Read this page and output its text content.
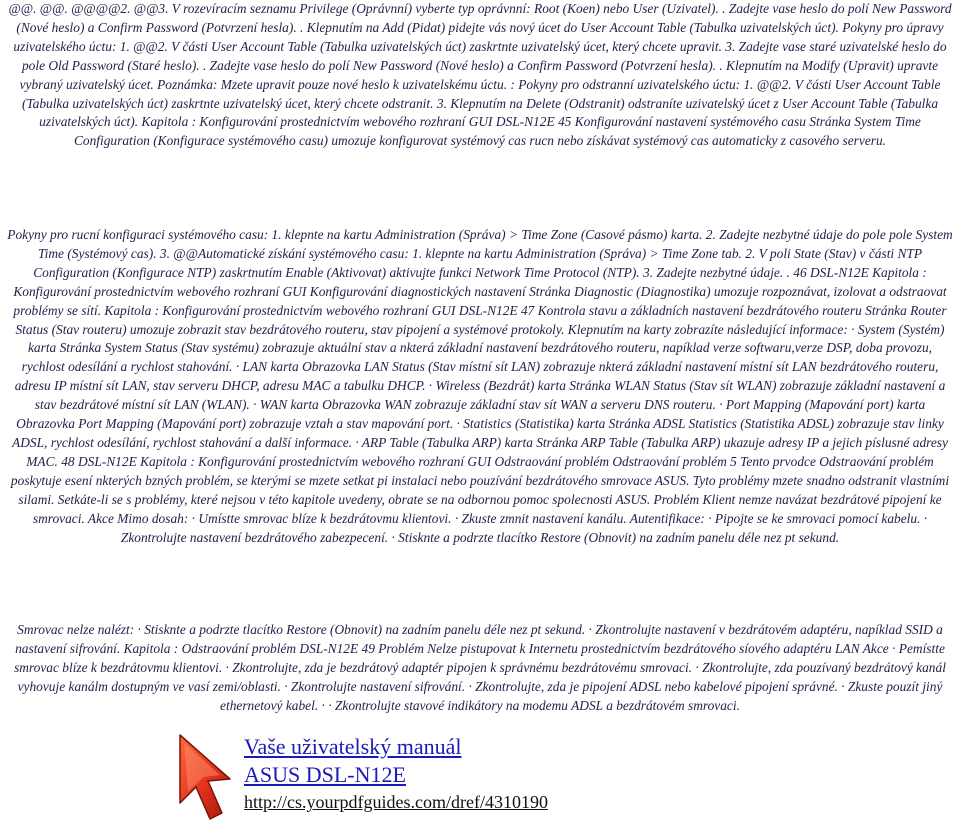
@@. @@. @@@@2. @@3. V rozevíracím seznamu Privilege (Oprávnní) vyberte typ oprávnní: Root (Koen) nebo User (Uzivatel). . Zadejte vase heslo do polí New Password (Nové heslo) a Confirm Password (Potvrzení hesla). . Klepnutím na Add (Pidat) pidejte vás nový úcet do User Account Table (Tabulka uzivatelských úct). Pokyny pro úpravy uzivatelského úctu: 1. @@2. V části User Account Table (Tabulka uzivatelských úct) zaskrtnte uzivatelský úcet, který chcete upravit. 3. Zadejte vase staré uzivatelské heslo do pole Old Password (Staré heslo). . Zadejte vase heslo do polí New Password (Nové heslo) a Confirm Password (Potvrzení hesla). . Klepnutím na Modify (Upravit) upravte vybraný uzivatelský úcet. Poznámka: Mzete upravit pouze nové heslo k uzivatelskému úctu. : Pokyny pro odstranní uzivatelského úctu: 1. @@2. V části User Account Table (Tabulka uzivatelských úct) zaskrtnte uzivatelský úcet, který chcete odstranit. 3. Klepnutím na Delete (Odstranit) odstraníte uzivatelský úcet z User Account Table (Tabulka uzivatelských úct). Kapitola : Konfigurování prostednictvím webového rozhraní GUI DSL-N12E 45 Konfigurování nastavení systémového casu Stránka System Time Configuration (Konfigurace systémového casu) umozuje konfigurovat systémový cas rucn nebo získávat systémový cas automaticky z casového serveru.

Pokyny pro rucní konfiguraci systémového casu: 1. klepnte na kartu Administration (Správa) > Time Zone (Casové pásmo) karta. 2. Zadejte nezbytné údaje do pole pole System Time (Systémový cas). 3. @@Automatické získání systémového casu: 1. klepnte na kartu Administration (Správa) > Time Zone tab. 2. V poli State (Stav) v části NTP Configuration (Konfigurace NTP) zaskrtnutím Enable (Aktivovat) aktivujte funkci Network Time Protocol (NTP). 3. Zadejte nezbytné údaje. . 46 DSL-N12E Kapitola : Konfigurování prostednictvím webového rozhraní GUI Konfigurování diagnostických nastavení Stránka Diagnostic (Diagnostika) umozuje rozpoznávat, izolovat a odstraovat problémy se sítí. Kapitola : Konfigurování prostednictvím webového rozhraní GUI DSL-N12E 47 Kontrola stavu a základních nastavení bezdrátového routeru Stránka Router Status (Stav routeru) umozuje zobrazit stav bezdrátového routeru, stav pipojení a systémové protokoly. Klepnutím na karty zobrazíte následující informace: · System (Systém) karta Stránka System Status (Stav systému) zobrazuje aktuální stav a nkterá základní nastavení bezdrátového routeru, napíklad verze softwaru,verze DSP, doba provozu, rychlost odesílání a rychlost stahování. · LAN karta Obrazovka LAN Status (Stav místní sít LAN) zobrazuje nkterá základní nastavení místní sít LAN bezdrátového routeru, adresu IP místní sít LAN, stav serveru DHCP, adresu MAC a tabulku DHCP. · Wireless (Bezdrát) karta Stránka WLAN Status (Stav sít WLAN) zobrazuje základní nastavení a stav bezdrátové místní sít LAN (WLAN). · WAN karta Obrazovka WAN zobrazuje základní stav sít WAN a serveru DNS routeru. · Port Mapping (Mapování port) karta Obrazovka Port Mapping (Mapování port) zobrazuje vztah a stav mapování port. · Statistics (Statistika) karta Stránka ADSL Statistics (Statistika ADSL) zobrazuje stav linky ADSL, rychlost odesílání, rychlost stahování a další informace. · ARP Table (Tabulka ARP) karta Stránka ARP Table (Tabulka ARP) ukazuje adresy IP a jejich píslusné adresy MAC. 48 DSL-N12E Kapitola : Konfigurování prostednictvím webového rozhraní GUI Odstraování problém Odstraování problém 5 Tento prvodce Odstraování problém poskytuje esení nkterých bzných problém, se kterými se mzete setkat pi instalaci nebo pouzívání bezdrátového smrovace ASUS. Tyto problémy mzete snadno odstranit vlastními silami. Setkáte-li se s problémy, které nejsou v této kapitole uvedeny, obrate se na odbornou pomoc spolecnosti ASUS. Problém Klient nemze navázat bezdrátové pipojení ke smrovaci. Akce Mimo dosah: · Umístte smrovac blíze k bezdrátovmu klientovi. · Zkuste zmnit nastavení kanálu. Autentifikace: · Pipojte se ke smrovaci pomocí kabelu. · Zkontrolujte nastavení bezdrátového zabezpecení. · Stisknte a podrzte tlacítko Restore (Obnovit) na zadním panelu déle nez pt sekund.

Smrovac nelze nalézt: · Stisknte a podrzte tlacítko Restore (Obnovit) na zadním panelu déle nez pt sekund. · Zkontrolujte nastavení v bezdrátovém adaptéru, napíklad SSID a nastavení sifrování. Kapitola : Odstraování problém DSL-N12E 49 Problém Nelze pistupovat k Internetu prostednictvím bezdrátového síového adaptéru LAN Akce · Pemístte smrovac blíze k bezdrátovmu klientovi. · Zkontrolujte, zda je bezdrátový adaptér pipojen k správnému bezdrátovému smrovaci. · Zkontrolujte, zda pouzívaný bezdrátový kanál vyhovuje kanálm dostupným ve vasí zemi/oblasti. · Zkontrolujte nastavení sifrování. · Zkontrolujte, zda je pipojení ADSL nebo kabelové pipojení správné. · Zkuste pouzít jiný ethernetový kabel. · · Zkontrolujte stavové indikátory na modemu ADSL a bezdrátovém smrovaci.

Vaše uživatelský manuál
ASUS DSL-N12E
http://cs.yourpdfguides.com/dref/4310190
